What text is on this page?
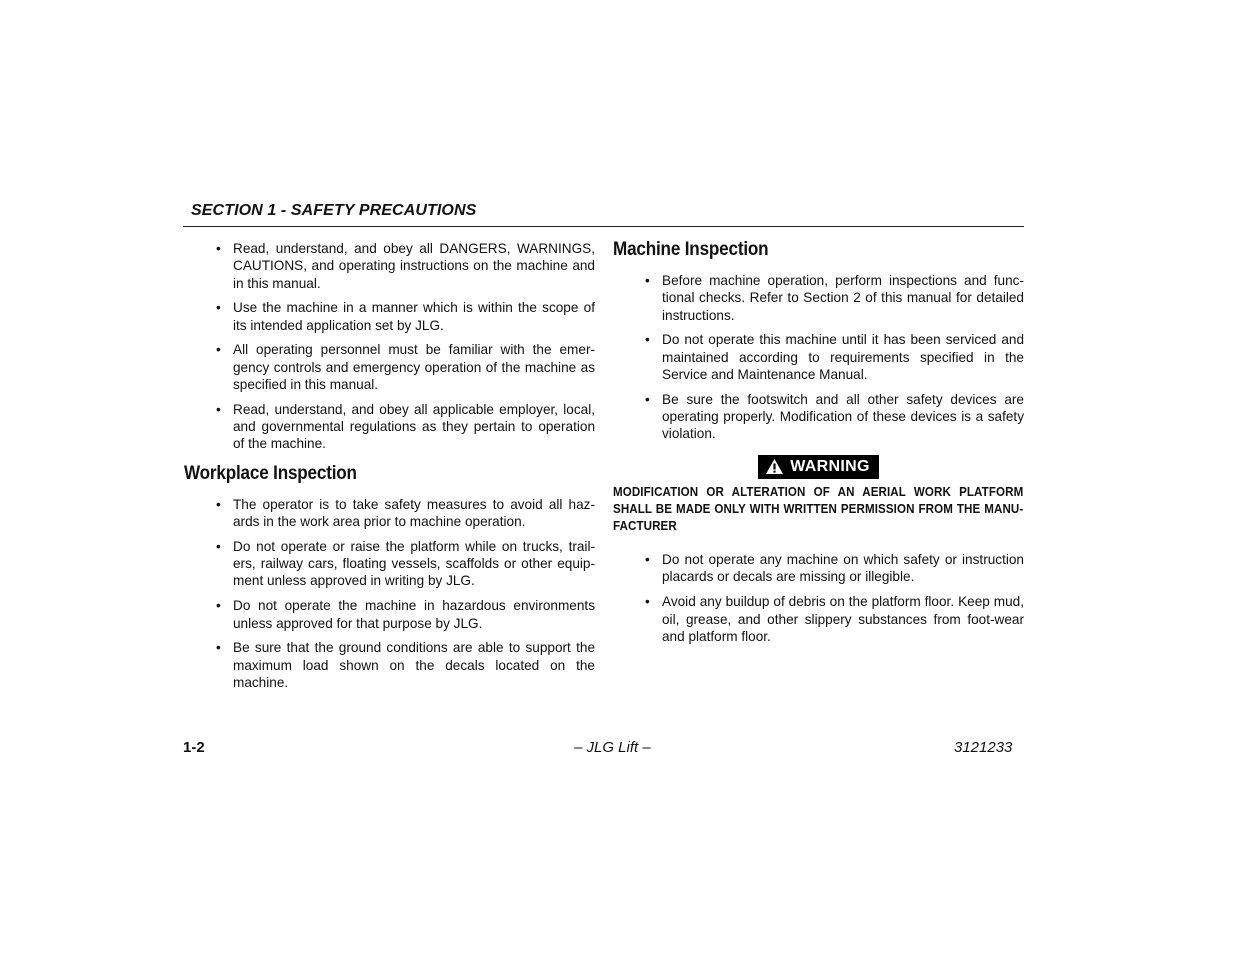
SECTION 1 - SAFETY PRECAUTIONS
• Read, understand, and obey all DANGERS, WARNINGS, CAUTIONS, and operating instructions on the machine and in this manual.
• Use the machine in a manner which is within the scope of its intended application set by JLG.
• All operating personnel must be familiar with the emer-gency controls and emergency operation of the machine as specified in this manual.
• Read, understand, and obey all applicable employer, local, and governmental regulations as they pertain to operation of the machine.
Workplace Inspection
• The operator is to take safety measures to avoid all haz-ards in the work area prior to machine operation.
• Do not operate or raise the platform while on trucks, trail-ers, railway cars, floating vessels, scaffolds or other equip-ment unless approved in writing by JLG.
• Do not operate the machine in hazardous environments unless approved for that purpose by JLG.
• Be sure that the ground conditions are able to support the maximum load shown on the decals located on the machine.
Machine Inspection
• Before machine operation, perform inspections and func-tional checks. Refer to Section 2 of this manual for detailed instructions.
• Do not operate this machine until it has been serviced and maintained according to requirements specified in the Service and Maintenance Manual.
• Be sure the footswitch and all other safety devices are operating properly. Modification of these devices is a safety violation.
WARNING
MODIFICATION OR ALTERATION OF AN AERIAL WORK PLATFORM SHALL BE MADE ONLY WITH WRITTEN PERMISSION FROM THE MANU-FACTURER
• Do not operate any machine on which safety or instruction placards or decals are missing or illegible.
• Avoid any buildup of debris on the platform floor. Keep mud, oil, grease, and other slippery substances from foot-wear and platform floor.
1-2	– JLG Lift –	3121233
